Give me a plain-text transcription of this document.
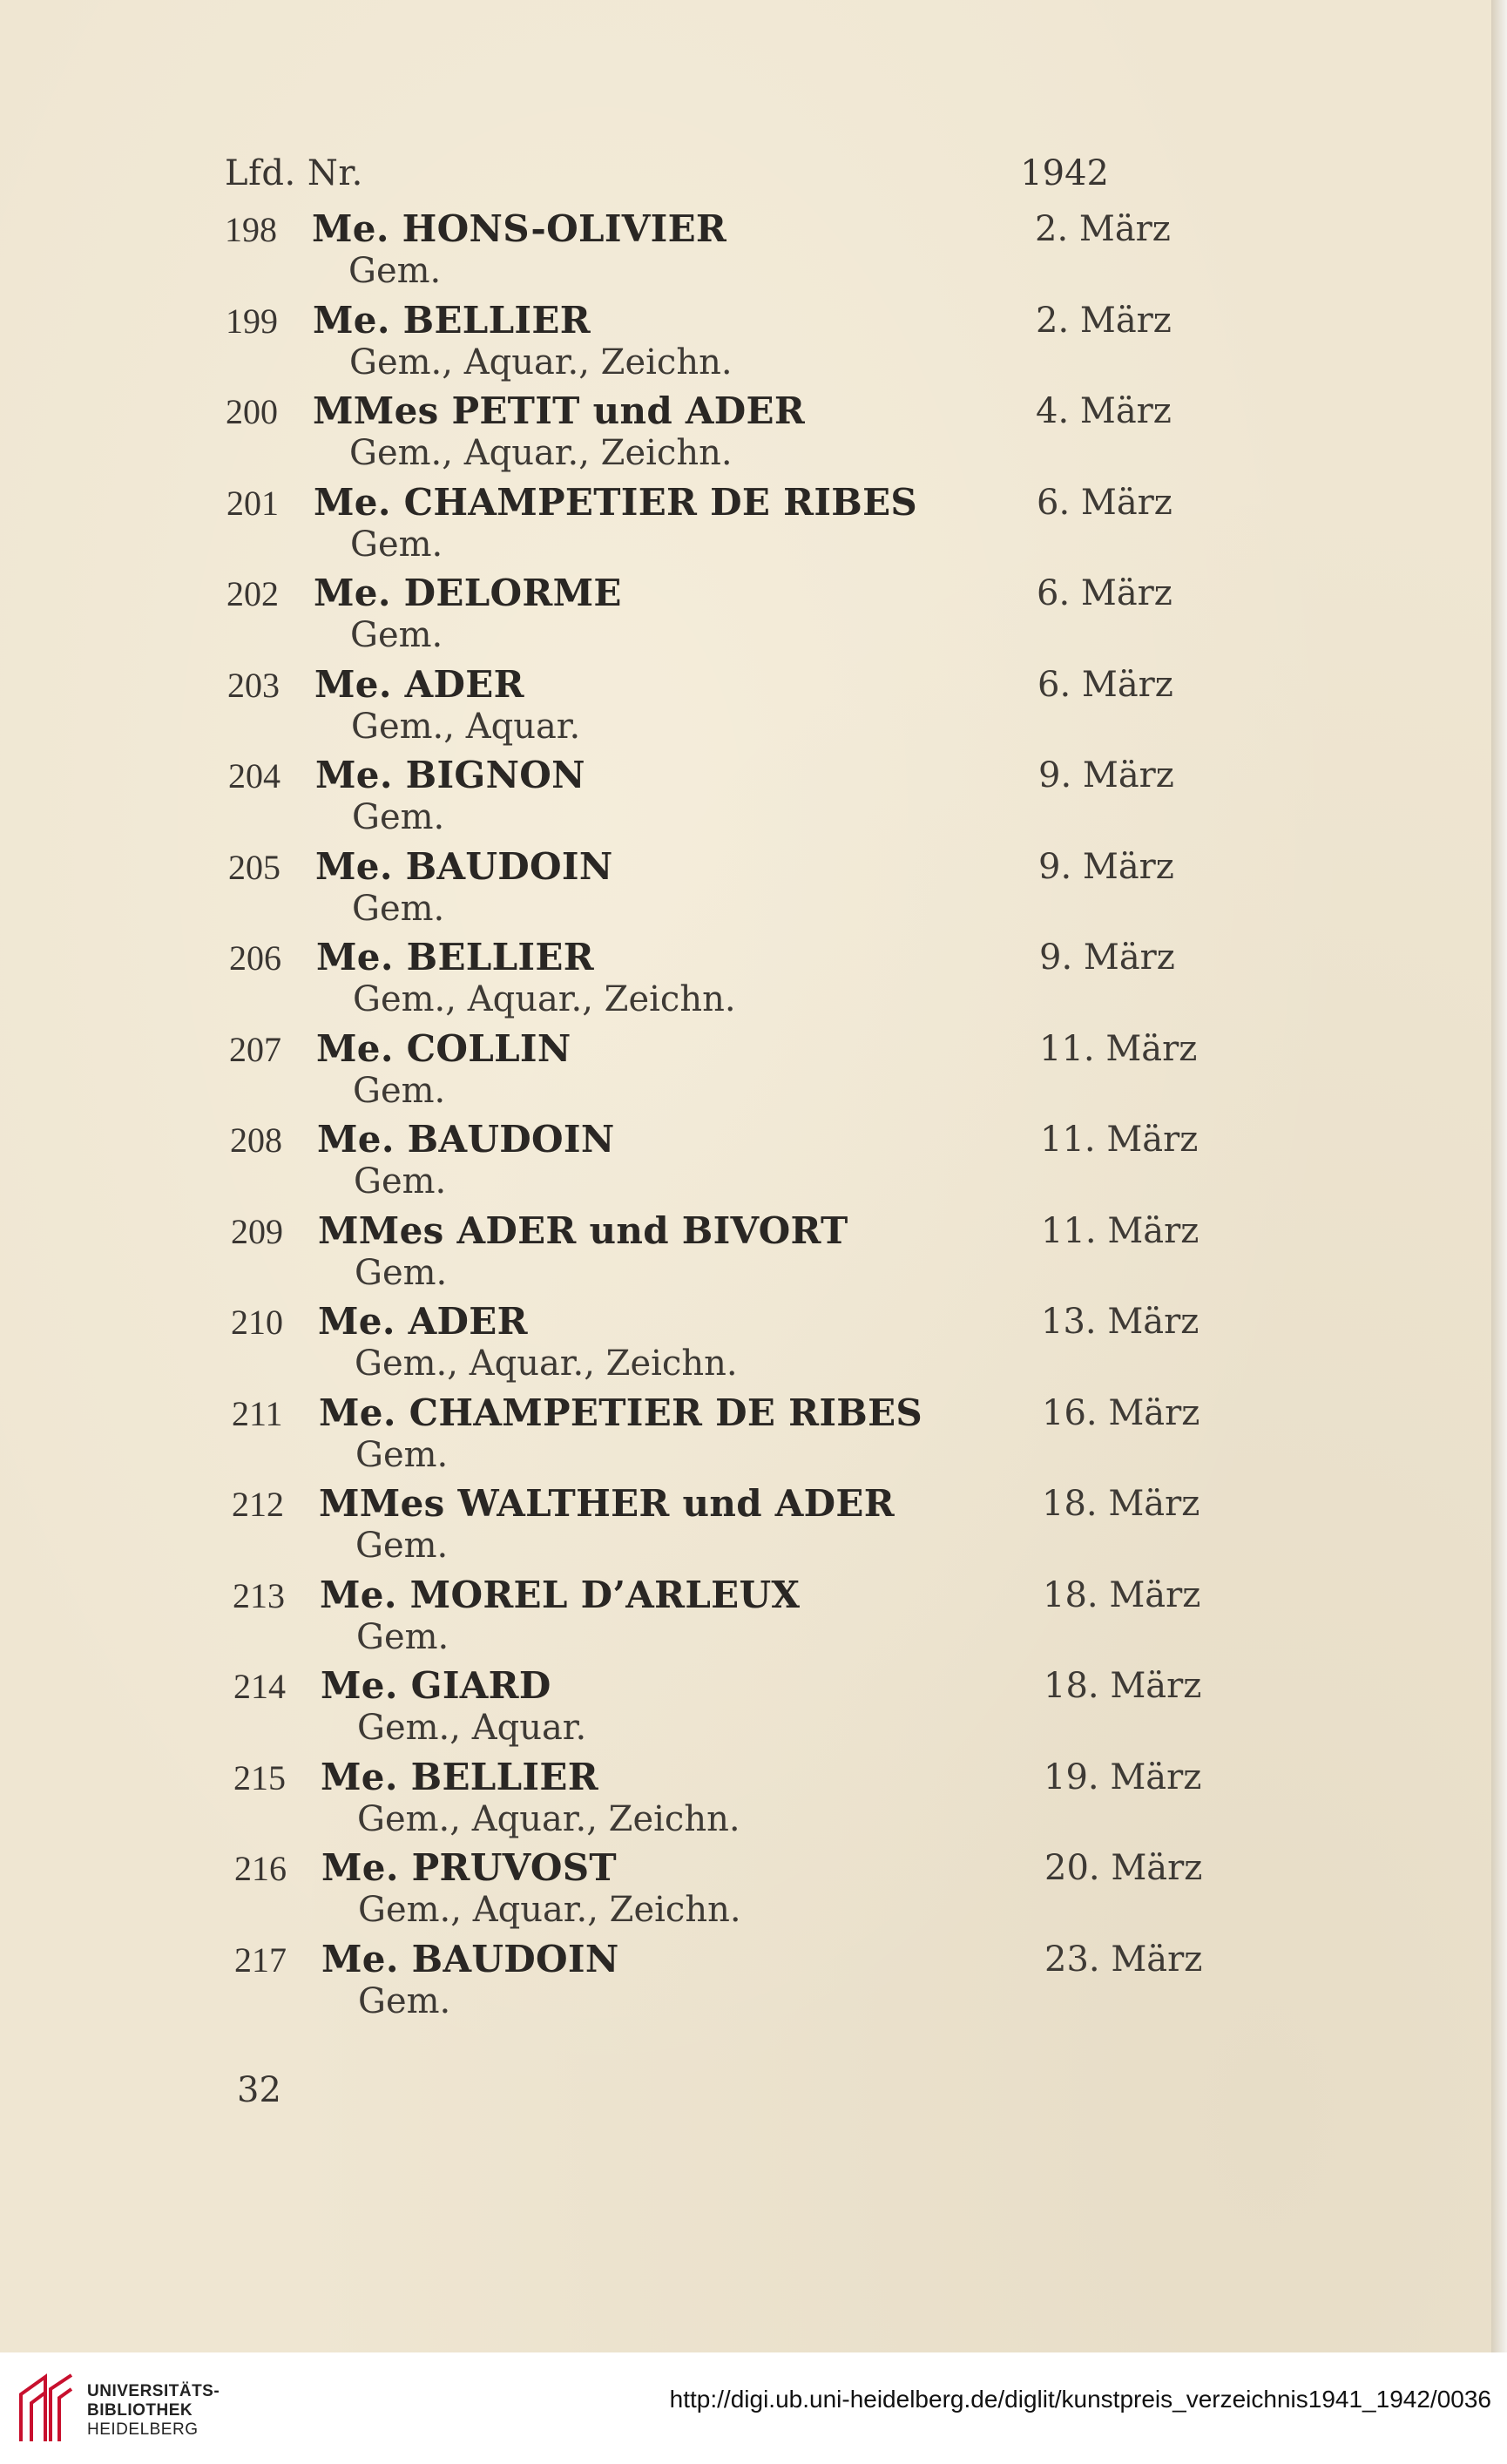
Lfd. Nr.	1942
198 Me. HONS-OLIVIER
Gem.
2. März
199 Me. BELLIER
Gem., Aquar., Zeichn.
2. März
200 MMes PETIT und ADER
Gem., Aquar., Zeichn.
4. März
201 Me. CHAMPETIER DE RIBES
Gem.
6. März
202 Me. DELORME
Gem.
6. März
203 Me. ADER
Gem., Aquar.
6. März
204 Me. BIGNON
Gem.
9. März
205 Me. BAUDOIN
Gem.
9. März
206 Me. BELLIER
Gem., Aquar., Zeichn.
9. März
207 Me. COLLIN
Gem.
11. März
208 Me. BAUDOIN
Gem.
11. März
209 MMes ADER und BIVORT
Gem.
11. März
210 Me. ADER
Gem., Aquar., Zeichn.
13. März
211 Me. CHAMPETIER DE RIBES
Gem.
16. März
212 MMes WALTHER und ADER
Gem.
18. März
213 Me. MOREL D’ARLEUX
Gem.
18. März
214 Me. GIARD
Gem., Aquar.
18. März
215 Me. BELLIER
Gem., Aquar., Zeichn.
19. März
216 Me. PRUVOST
Gem., Aquar., Zeichn.
20. März
217 Me. BAUDOIN
Gem.
23. März
32
UNIVERSITÄTS-
BIBLIOTHEK
HEIDELBERG
http://digi.ub.uni-heidelberg.de/diglit/kunstpreis_verzeichnis1941_1942/0036
